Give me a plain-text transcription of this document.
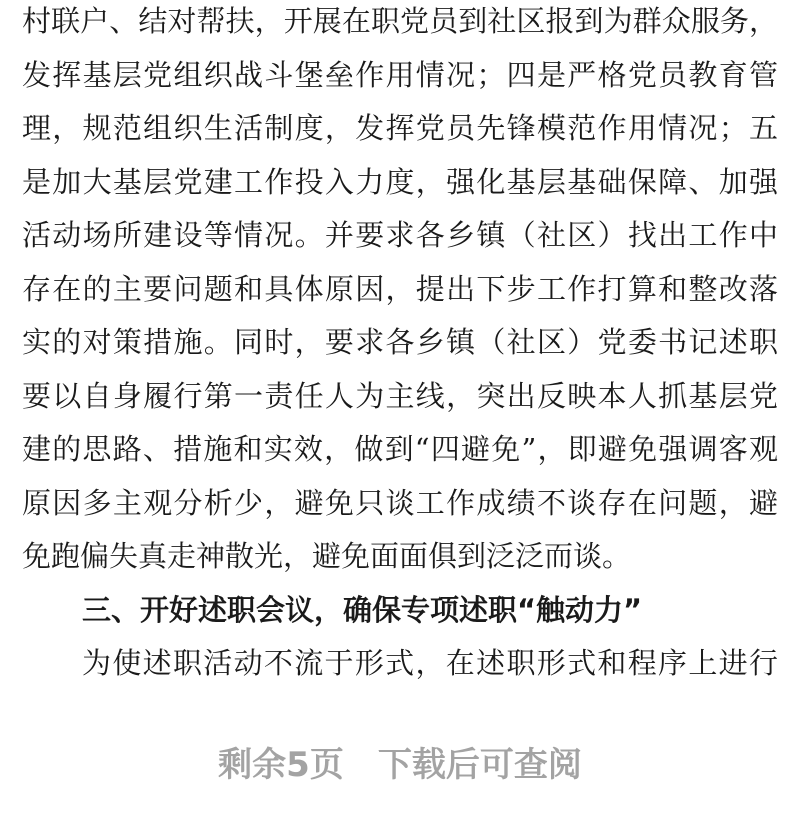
村联户、结对帮扶，开展在职党员到社区报到为群众服务，
发挥基层党组织战斗堡垒作用情况；四是严格党员教育管
理，规范组织生活制度，发挥党员先锋模范作用情况；五
是加大基层党建工作投入力度，强化基层基础保障、加强
活动场所建设等情况。并要求各乡镇（社区）找出工作中
存在的主要问题和具体原因，提出下步工作打算和整改落
实的对策措施。同时，要求各乡镇（社区）党委书记述职
要以自身履行第一责任人为主线，突出反映本人抓基层党
建的思路、措施和实效，做到“四避免”，即避免强调客观
原因多主观分析少，避免只谈工作成绩不谈存在问题，避
免跑偏失真走神散光，避免面面俱到泛泛而谈。
三、开好述职会议，确保专项述职“触动力”
为使述职活动不流于形式，在述职形式和程序上进行
剩余5页 下载后可查阅
